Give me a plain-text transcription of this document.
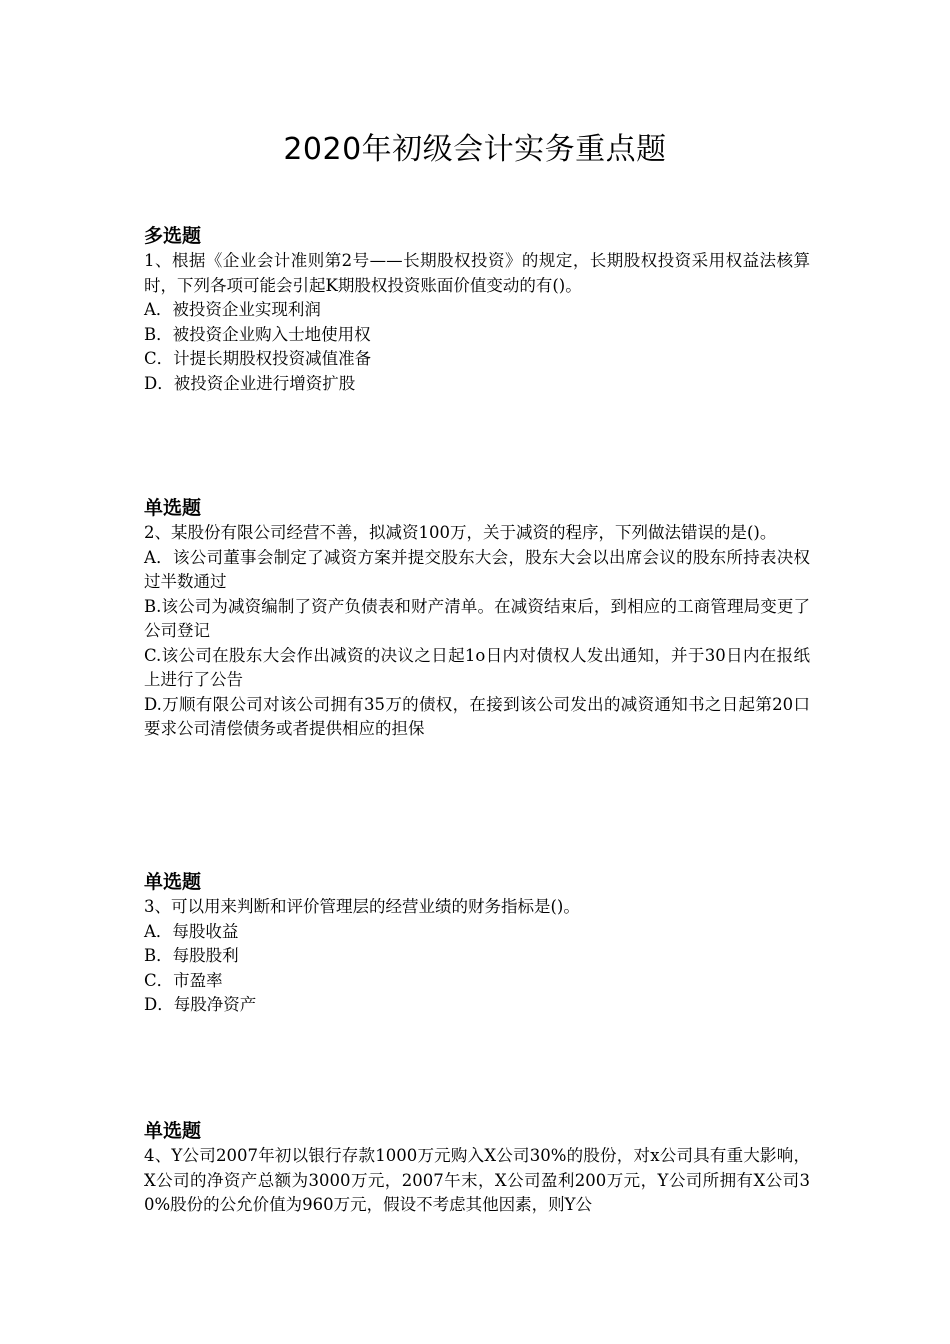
2020年初级会计实务重点题
多选题

1、根据《企业会计准则第2号——长期股权投资》的规定，长期股权投资采用权益法核算时，下列各项可能会引起K期股权投资账面价值变动的有()。

A．被投资企业实现利润

B．被投资企业购入士地使用权

C．计提长期股权投资减值准备

D．被投资企业进行增资扩股

单选题

2、某股份有限公司经营不善，拟减资100万，关于减资的程序，下列做法错误的是()。

A．该公司董事会制定了减资方案并提交股东大会，股东大会以出席会议的股东所持表决权过半数通过

B.该公司为减资编制了资产负债表和财产清单。在减资结束后，到相应的工商管理局变更了公司登记

C.该公司在股东大会作出减资的决议之日起1o日内对债权人发出通知，并于30日内在报纸上进行了公告

D.万顺有限公司对该公司拥有35万的债权，在接到该公司发出的减资通知书之日起第20口要求公司清偿债务或者提供相应的担保

单选题

3、可以用来判断和评价管理层的经营业绩的财务指标是()。

A．每股收益

B．每股股利

C．市盈率

D．每股净资产

单选题

4、Y公司2007年初以银行存款1000万元购入X公司30%的股份，对x公司具有重大影响，X公司的净资产总额为3000万元，2007午末，X公司盈利200万元，Y公司所拥有X公司30%股份的公允价值为960万元，假设不考虑其他因素，则Y公
